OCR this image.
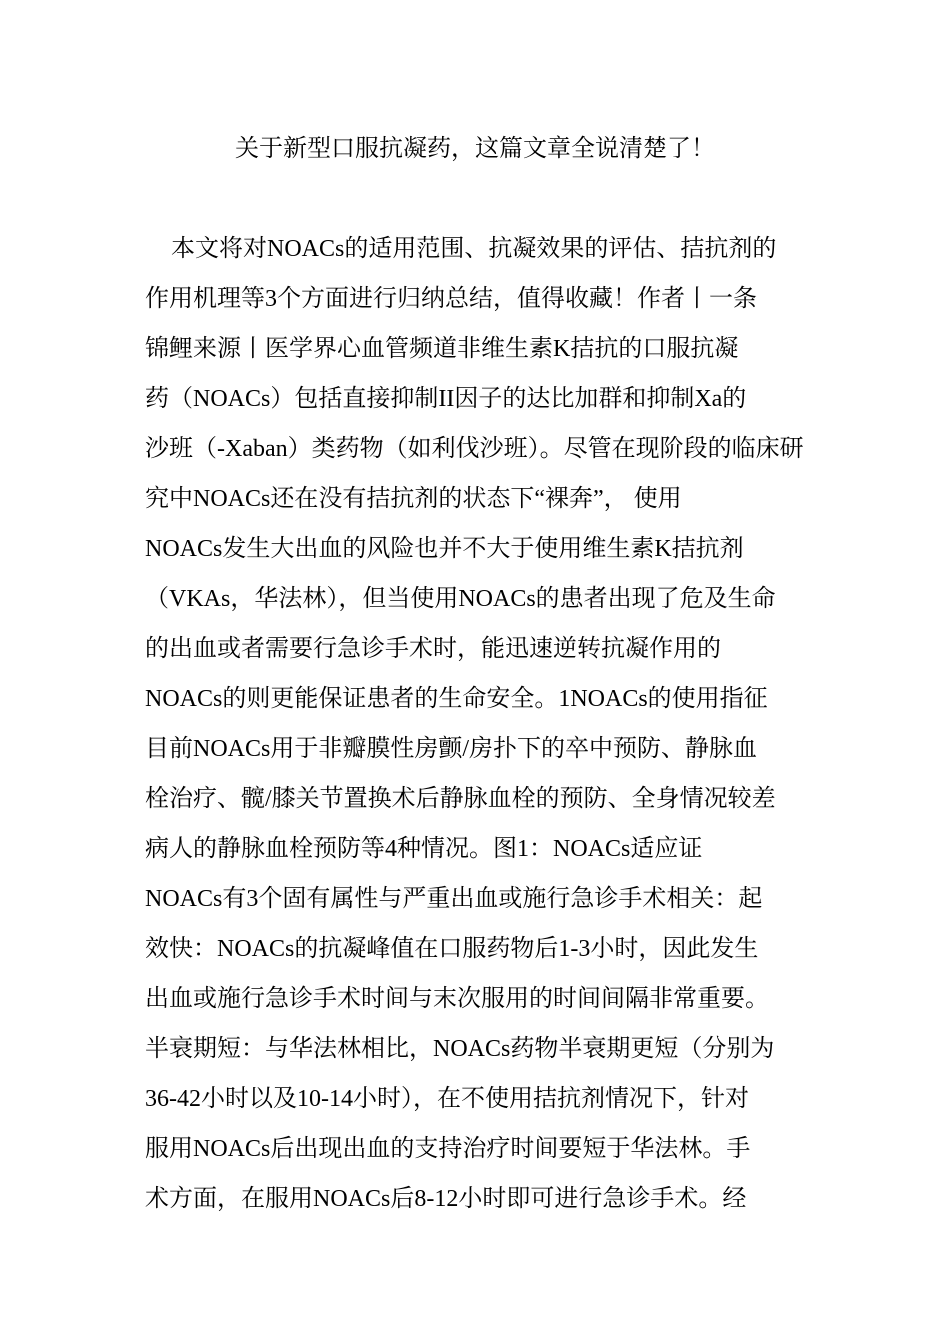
关于新型口服抗凝药，这篇文章全说清楚了！
本文将对NOACs的适用范围、抗凝效果的评估、拮抗剂的
作用机理等3个方面进行归纳总结，值得收藏！作者丨一条
锦鲤来源丨医学界心血管频道非维生素K拮抗的口服抗凝
药（NOACs）包括直接抑制II因子的达比加群和抑制Xa的
沙班（-Xaban）类药物（如利伐沙班）。尽管在现阶段的临床研
究中NOACs还在没有拮抗剂的状态下“裸奔”， 使用
NOACs发生大出血的风险也并不大于使用维生素K拮抗剂
（VKAs，华法林），但当使用NOACs的患者出现了危及生命
的出血或者需要行急诊手术时，能迅速逆转抗凝作用的
NOACs的则更能保证患者的生命安全。1NOACs的使用指征
目前NOACs用于非瓣膜性房颤/房扑下的卒中预防、静脉血
栓治疗、髋/膝关节置换术后静脉血栓的预防、全身情况较差
病人的静脉血栓预防等4种情况。图1：NOACs适应证
NOACs有3个固有属性与严重出血或施行急诊手术相关：起
效快：NOACs的抗凝峰值在口服药物后1-3小时，因此发生
出血或施行急诊手术时间与末次服用的时间间隔非常重要。
半衰期短：与华法林相比，NOACs药物半衰期更短（分别为
36-42小时以及10-14小时），在不使用拮抗剂情况下，针对
服用NOACs后出现出血的支持治疗时间要短于华法林。手
术方面，在服用NOACs后8-12小时即可进行急诊手术。经
